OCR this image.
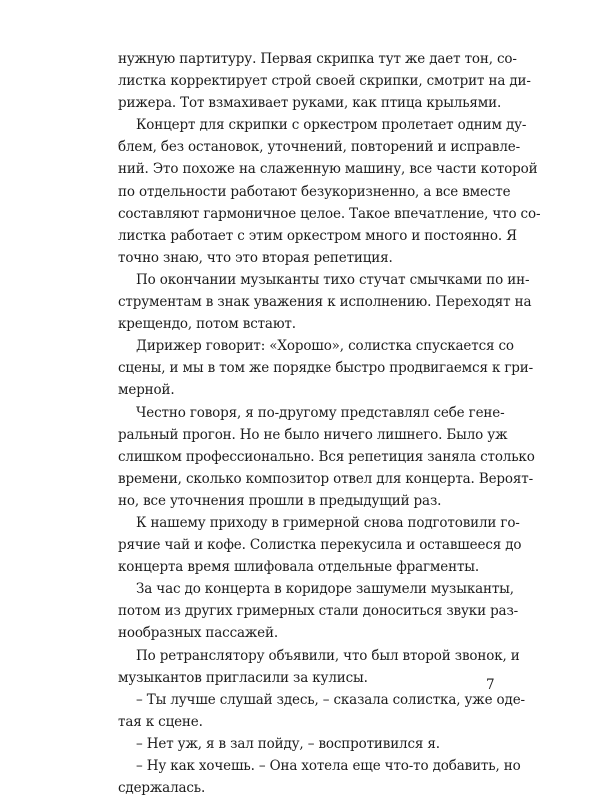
нужную партитуру. Первая скрипка тут же дает тон, со-
листка корректирует строй своей скрипки, смотрит на ди-
рижера. Тот взмахивает руками, как птица крыльями.
Концерт для скрипки с оркестром пролетает одним ду-
блем, без остановок, уточнений, повторений и исправле-
ний. Это похоже на слаженную машину, все части которой
по отдельности работают безукоризненно, а все вместе
составляют гармоничное целое. Такое впечатление, что со-
листка работает с этим оркестром много и постоянно. Я
точно знаю, что это вторая репетиция.
По окончании музыканты тихо стучат смычками по ин-
струментам в знак уважения к исполнению. Переходят на
крещендо, потом встают.
Дирижер говорит: «Хорошо», солистка спускается со
сцены, и мы в том же порядке быстро продвигаемся к гри-
мерной.
Честно говоря, я по-другому представлял себе гене-
ральный прогон. Но не было ничего лишнего. Было уж
слишком профессионально. Вся репетиция заняла столько
времени, сколько композитор отвел для концерта. Вероят-
но, все уточнения прошли в предыдущий раз.
К нашему приходу в гримерной снова подготовили го-
рячие чай и кофе. Солистка перекусила и оставшееся до
концерта время шлифовала отдельные фрагменты.
За час до концерта в коридоре зашумели музыканты,
потом из других гримерных стали доноситься звуки раз-
нообразных пассажей.
По ретранслятору объявили, что был второй звонок, и
музыкантов пригласили за кулисы.
– Ты лучше слушай здесь, – сказала солистка, уже оде-
тая к сцене.
– Нет уж, я в зал пойду, – воспротивился я.
– Ну как хочешь. – Она хотела еще что-то добавить, но
сдержалась.
7
